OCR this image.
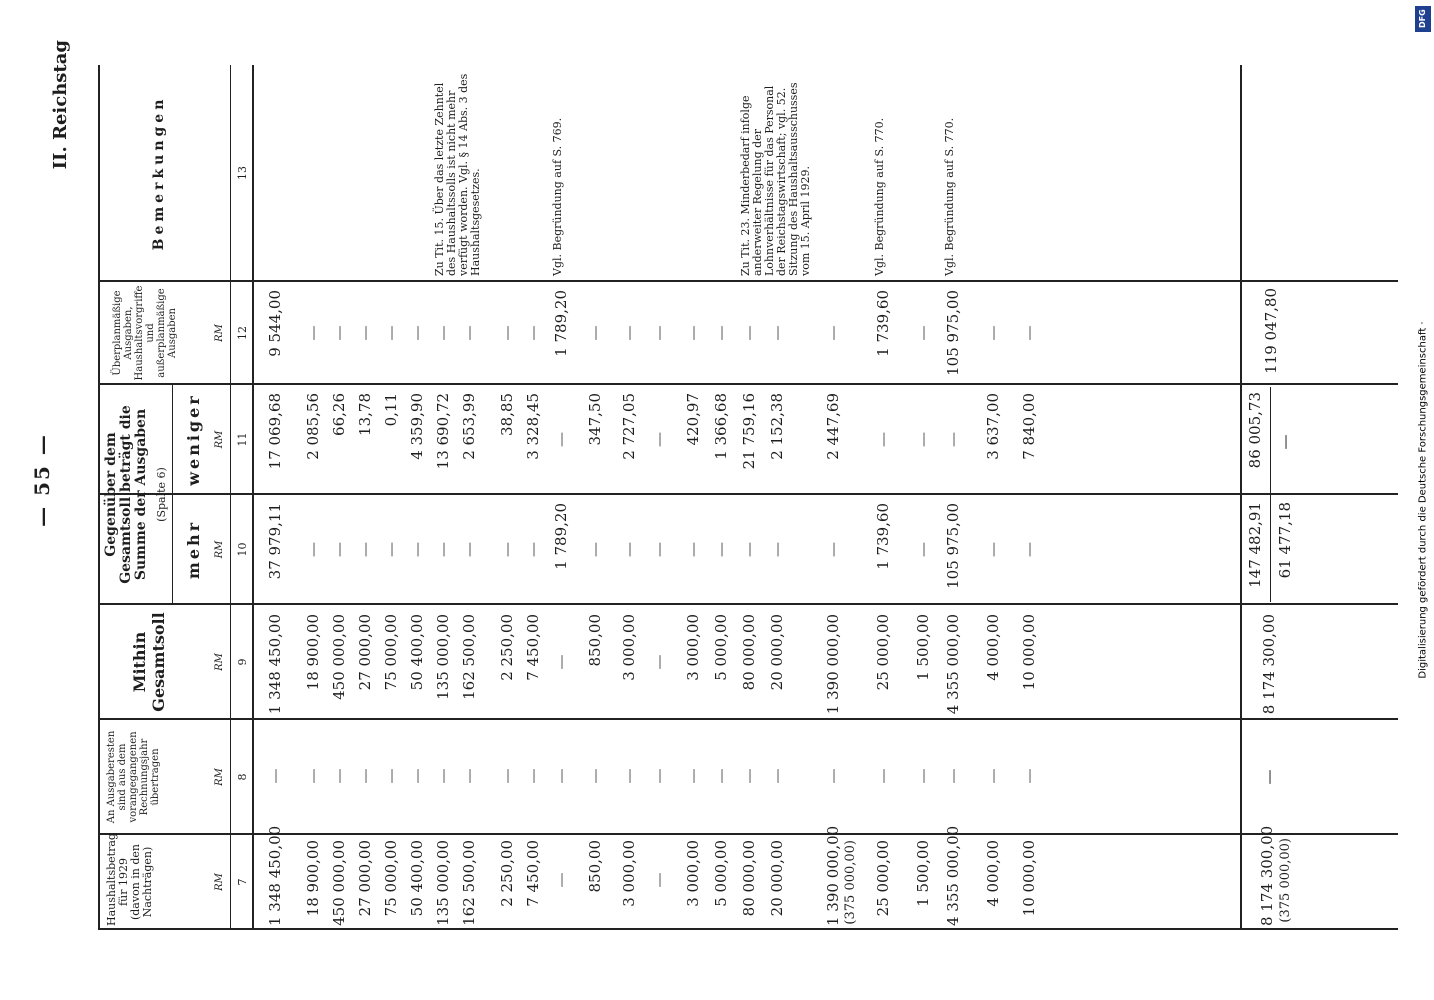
— 55 —
II. Reichstag
Haushaltsbetrag für 1929 (davon in den Nachträgen)
An Ausgaberesten sind aus dem vorangegangenen Rechnungsjahr übertragen
Mithin Gesamtsoll
Gegenüber dem Gesamtsoll beträgt die Summe der Ausgaben (Spalte 6)
mehr
weniger
Überplanmäßige Ausgaben, Haushaltsvorgriffe und außerplanmäßige Ausgaben
Bemerkungen
RM
RM
RM
RM
RM
RM
7
8
9
10
11
12
13
1 348 450,00
—
1 348 450,00
37 979,11
17 069,68
9 544,00
18 900,00
—
18 900,00
—
2 085,56
—
450 000,00
—
450 000,00
—
66,26
—
27 000,00
—
27 000,00
—
13,78
—
75 000,00
—
75 000,00
—
0,11
—
50 400,00
—
50 400,00
—
4 359,90
—
135 000,00
—
135 000,00
—
13 690,72
—
Zu Tit. 15. Über das letzte Zehntel des Haushaltssolls ist nicht mehr verfügt worden. Vgl. § 14 Abs. 3 des Haushaltsgesetzes.
162 500,00
—
162 500,00
—
2 653,99
—
2 250,00
—
2 250,00
—
38,85
—
7 450,00
—
7 450,00
—
3 328,45
—
—
—
—
1 789,20
—
1 789,20
Vgl. Begründung auf S. 769.
850,00
—
850,00
—
347,50
—
3 000,00
—
3 000,00
—
2 727,05
—
—
—
—
—
—
—
3 000,00
—
3 000,00
—
420,97
—
5 000,00
—
5 000,00
—
1 366,68
—
80 000,00
—
80 000,00
—
21 759,16
—
Zu Tit. 23. Minderbedarf infolge anderweiter Regelung der Lohnverhältnisse für das Personal der Reichstagswirtschaft; vgl. 52. Sitzung des Haushaltsausschusses vom 15. April 1929.
20 000,00
—
20 000,00
—
2 152,38
—
1 390 000,00
—
1 390 000,00
—
2 447,69
—
(375 000,00)	25 000,00
—
25 000,00
1 739,60
—
1 739,60
Vgl. Begründung auf S. 770.
1 500,00
—
1 500,00
—
—
—
4 355 000,00
—
4 355 000,00
105 975,00
—
105 975,00
Vgl. Begründung auf S. 770.
4 000,00
—
4 000,00
—
3 637,00
—
10 000,00
—
10 000,00
—
7 840,00
—
8 174 300,00 (375 000,00)
—
8 174 300,00
147 482,91
86 005,73
61 477,18
—
119 047,80
DFG
Digitalisierung gefördert durch die Deutsche Forschungsgemeinschaft ·
